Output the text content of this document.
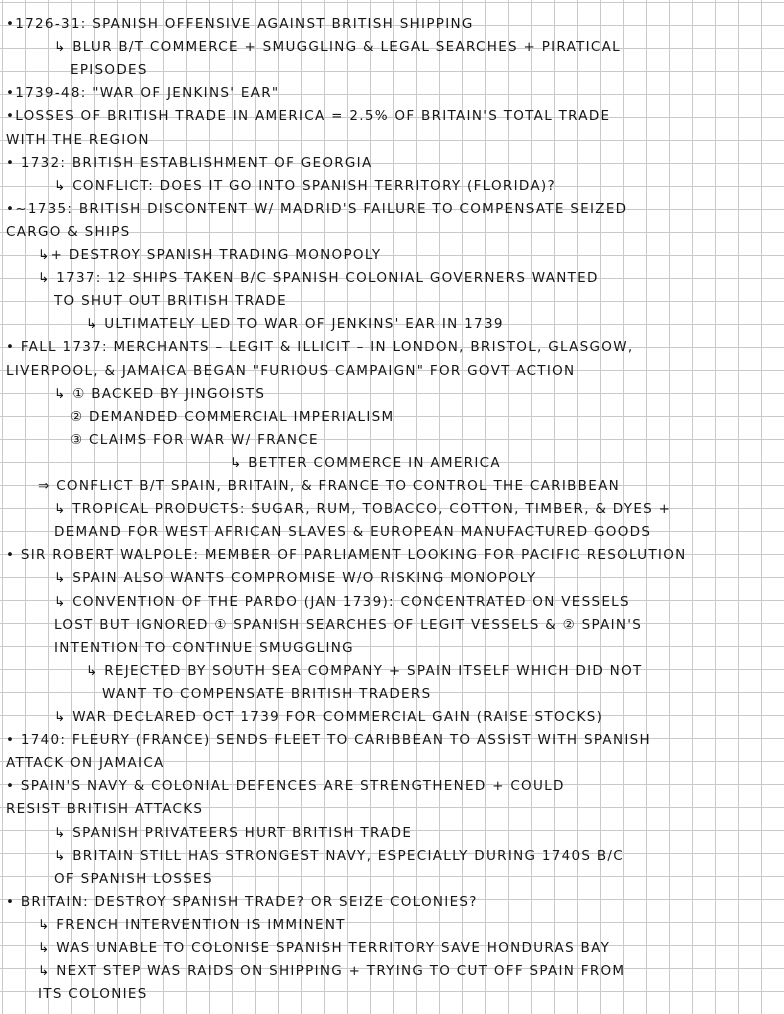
•1726-31: SPANISH OFFENSIVE AGAINST BRITISH SHIPPING
↳ BLUR B/T COMMERCE + SMUGGLING & LEGAL SEARCHES + PIRATICAL
EPISODES
•1739-48: "WAR OF JENKINS' EAR"
•LOSSES OF BRITISH TRADE IN AMERICA = 2.5% OF BRITAIN'S TOTAL TRADE
WITH THE REGION
• 1732: BRITISH ESTABLISHMENT OF GEORGIA
↳ CONFLICT: DOES IT GO INTO SPANISH TERRITORY (FLORIDA)?
•~1735: BRITISH DISCONTENT W/ MADRID'S FAILURE TO COMPENSATE SEIZED
CARGO & SHIPS
↳+ DESTROY SPANISH TRADING MONOPOLY
↳ 1737: 12 SHIPS TAKEN B/C SPANISH COLONIAL GOVERNERS WANTED
TO SHUT OUT BRITISH TRADE
↳ ULTIMATELY LED TO WAR OF JENKINS' EAR IN 1739
• FALL 1737: MERCHANTS – LEGIT & ILLICIT – IN LONDON, BRISTOL, GLASGOW,
LIVERPOOL, & JAMAICA BEGAN "FURIOUS CAMPAIGN" FOR GOVT ACTION
↳ ① BACKED BY JINGOISTS
② DEMANDED COMMERCIAL IMPERIALISM
③ CLAIMS FOR WAR W/ FRANCE
↳ BETTER COMMERCE IN AMERICA
⇒ CONFLICT B/T SPAIN, BRITAIN, & FRANCE TO CONTROL THE CARIBBEAN
↳ TROPICAL PRODUCTS: SUGAR, RUM, TOBACCO, COTTON, TIMBER, & DYES +
DEMAND FOR WEST AFRICAN SLAVES & EUROPEAN MANUFACTURED GOODS
• SIR ROBERT WALPOLE: MEMBER OF PARLIAMENT LOOKING FOR PACIFIC RESOLUTION
↳ SPAIN ALSO WANTS COMPROMISE W/O RISKING MONOPOLY
↳ CONVENTION OF THE PARDO (JAN 1739): CONCENTRATED ON VESSELS
LOST BUT IGNORED ① SPANISH SEARCHES OF LEGIT VESSELS & ② SPAIN'S
INTENTION TO CONTINUE SMUGGLING
↳ REJECTED BY SOUTH SEA COMPANY + SPAIN ITSELF WHICH DID NOT
WANT TO COMPENSATE BRITISH TRADERS
↳ WAR DECLARED OCT 1739 FOR COMMERCIAL GAIN (RAISE STOCKS)
• 1740: FLEURY (FRANCE) SENDS FLEET TO CARIBBEAN TO ASSIST WITH SPANISH
ATTACK ON JAMAICA
• SPAIN'S NAVY & COLONIAL DEFENCES ARE STRENGTHENED + COULD
RESIST BRITISH ATTACKS
↳ SPANISH PRIVATEERS HURT BRITISH TRADE
↳ BRITAIN STILL HAS STRONGEST NAVY, ESPECIALLY DURING 1740S B/C
OF SPANISH LOSSES
• BRITAIN: DESTROY SPANISH TRADE? OR SEIZE COLONIES?
↳ FRENCH INTERVENTION IS IMMINENT
↳ WAS UNABLE TO COLONISE SPANISH TERRITORY SAVE HONDURAS BAY
↳ NEXT STEP WAS RAIDS ON SHIPPING + TRYING TO CUT OFF SPAIN FROM
ITS COLONIES
